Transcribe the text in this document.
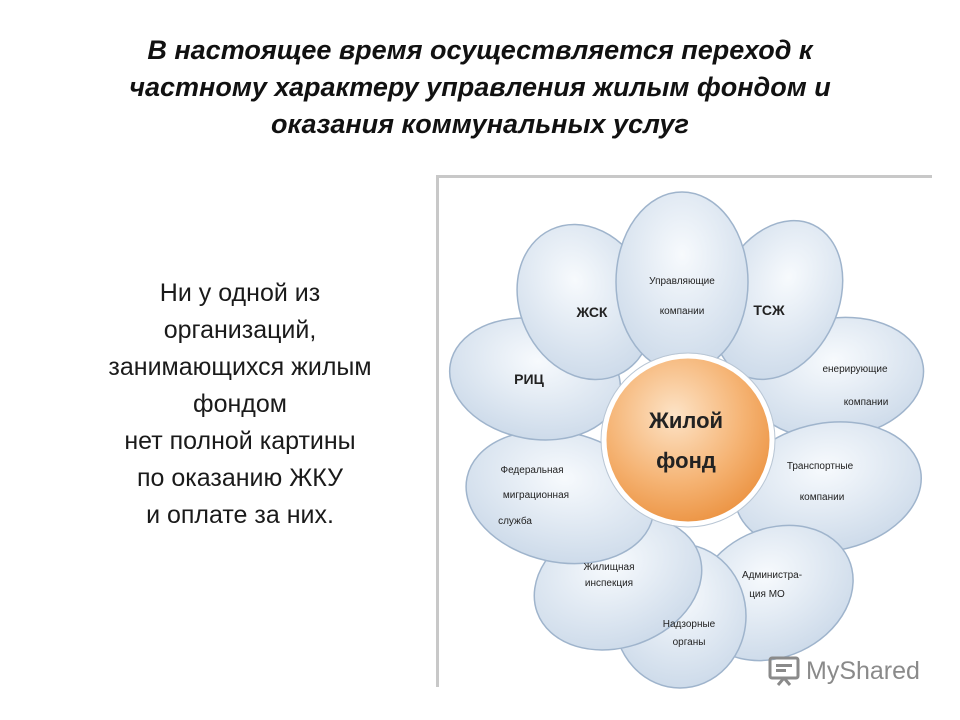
В настоящее время осуществляется переход к
частному характеру управления жилым фондом и
оказания коммунальных услуг
Ни у одной из
организаций,
занимающихся жилым
фондом
нет полной картины
по оказанию ЖКУ
и оплате за них.
Жилой
фонд
Управляющие
компании
ЖСК	ТСЖ
РИЦ
енерирующие
компании
Транспортные
компании
Федеральная
миграционная
служба
Жилищная
инспекция
Администра-
ция МО
Надзорные
органы
MyShared
